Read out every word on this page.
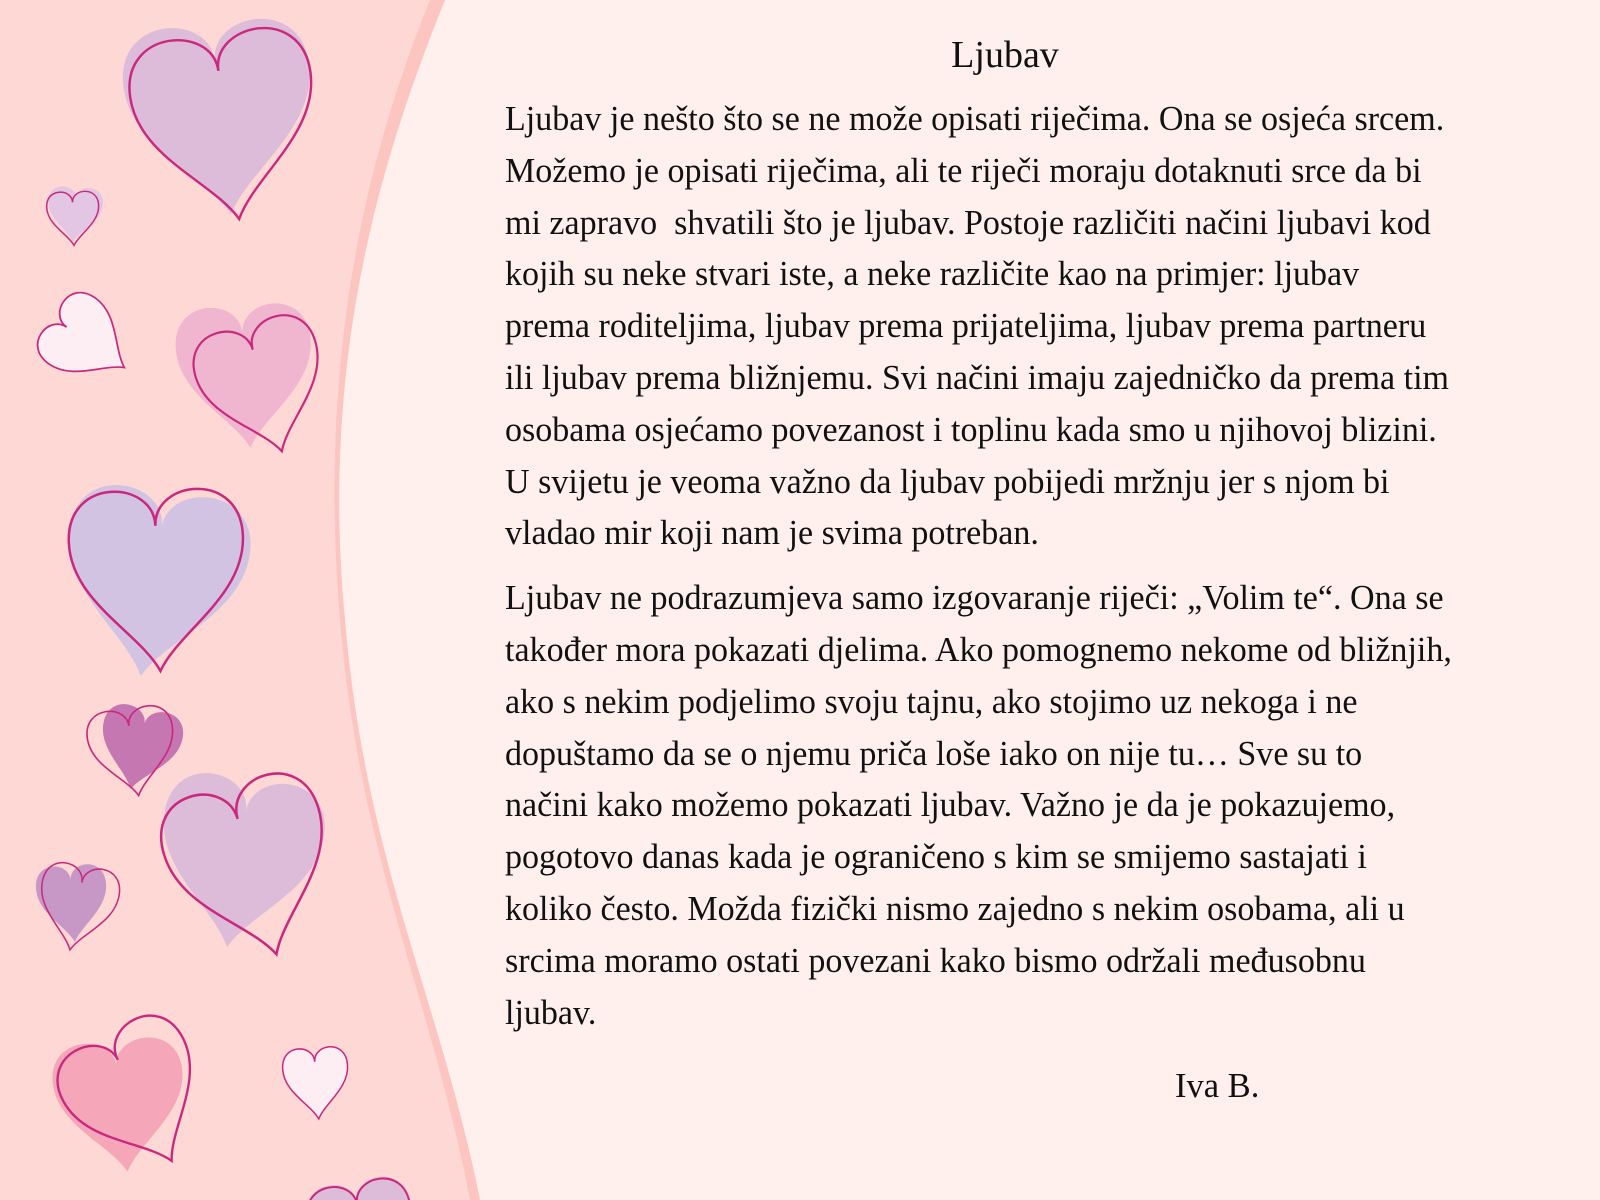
Ljubav
Ljubav je nešto što se ne može opisati riječima. Ona se osjeća srcem.
Možemo je opisati riječima, ali te riječi moraju dotaknuti srce da bi
mi zapravo  shvatili što je ljubav. Postoje različiti načini ljubavi kod
kojih su neke stvari iste, a neke različite kao na primjer: ljubav
prema roditeljima, ljubav prema prijateljima, ljubav prema partneru
ili ljubav prema bližnjemu. Svi načini imaju zajedničko da prema tim
osobama osjećamo povezanost i toplinu kada smo u njihovoj blizini.
U svijetu je veoma važno da ljubav pobijedi mržnju jer s njom bi
vladao mir koji nam je svima potreban.
Ljubav ne podrazumjeva samo izgovaranje riječi: „Volim te“. Ona se
također mora pokazati djelima. Ako pomognemo nekome od bližnjih,
ako s nekim podjelimo svoju tajnu, ako stojimo uz nekoga i ne
dopuštamo da se o njemu priča loše iako on nije tu… Sve su to
načini kako možemo pokazati ljubav. Važno je da je pokazujemo,
pogotovo danas kada je ograničeno s kim se smijemo sastajati i
koliko često. Možda fizički nismo zajedno s nekim osobama, ali u
srcima moramo ostati povezani kako bismo održali međusobnu
ljubav.
Iva B.
